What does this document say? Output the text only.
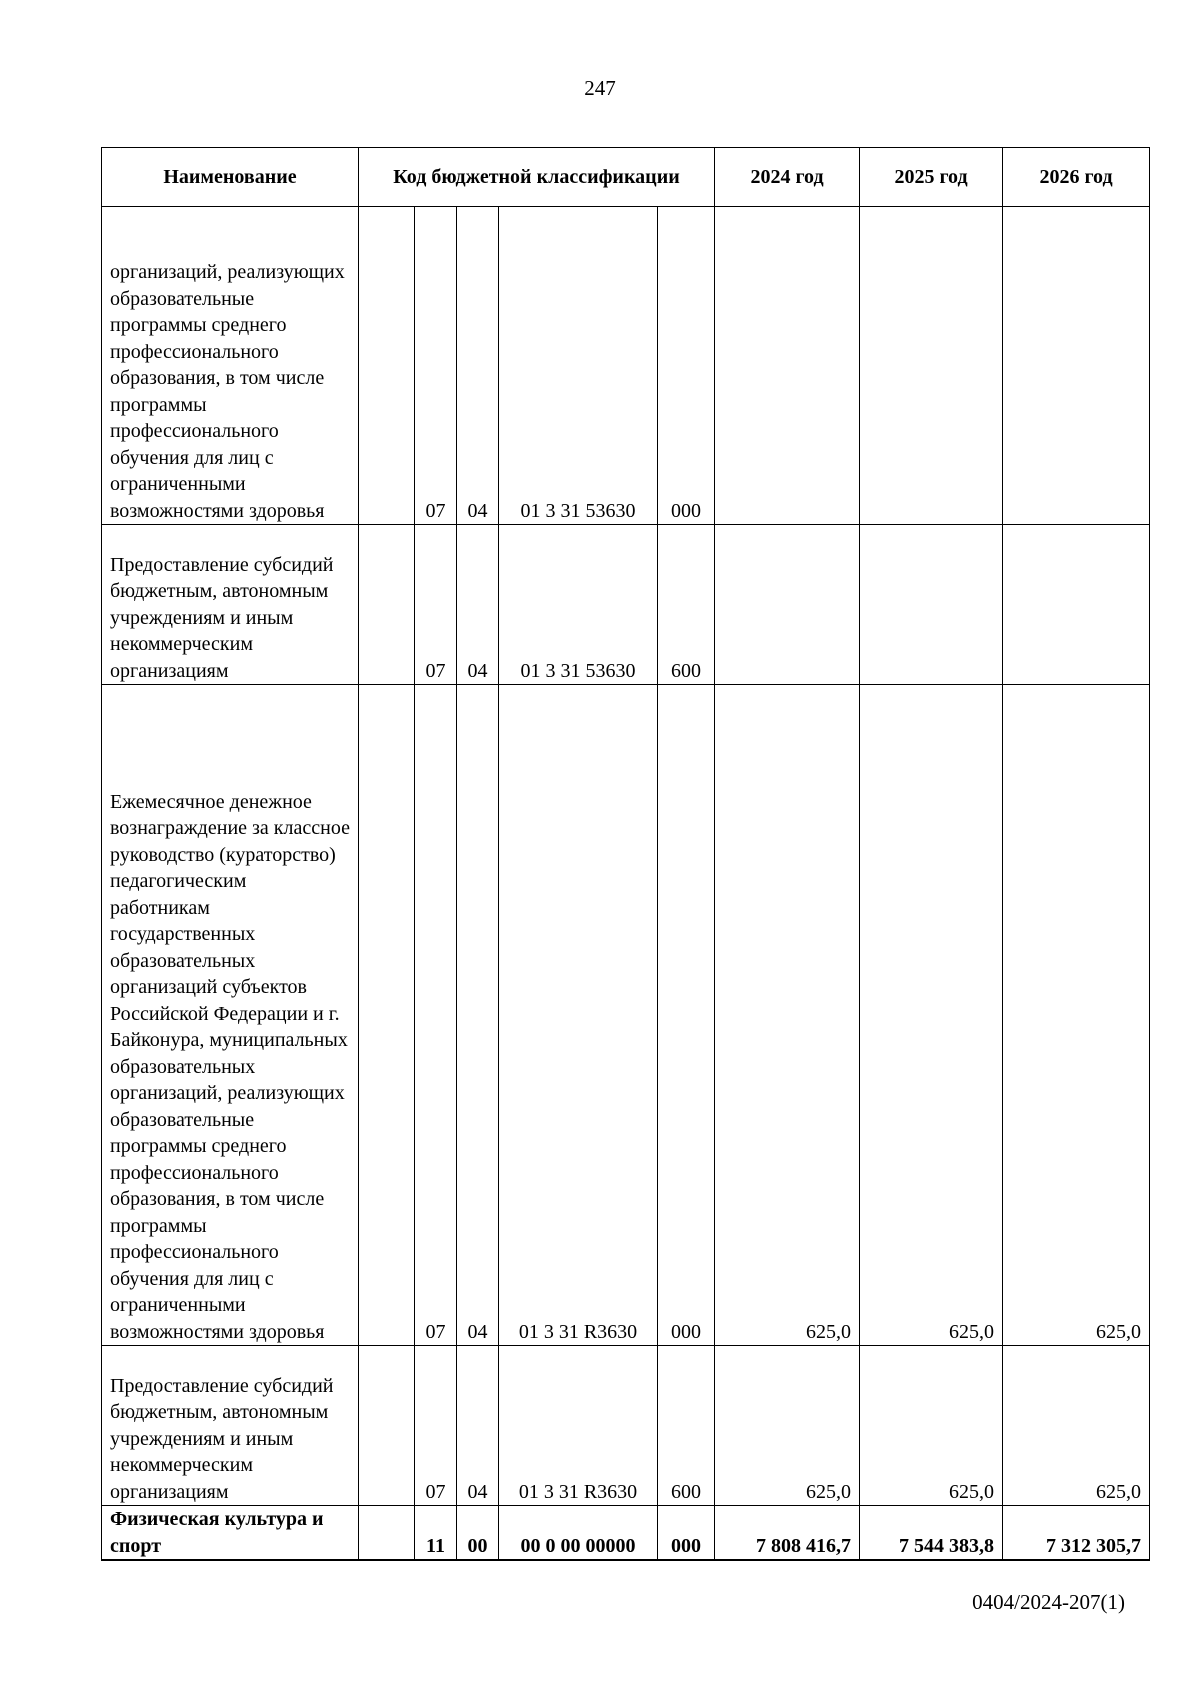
247
Наименование	Код бюджетной классификации					2024 год	2025 год	2026 год
организаций, реализующих образовательные программы среднего профессионального образования, в том числе программы профессионального обучения для лиц с ограниченными возможностями здоровья		07	04	01 3 31 53630	000			
Предоставление субсидий бюджетным, автономным учреждениям и иным некоммерческим организациям		07	04	01 3 31 53630	600			
Ежемесячное денежное вознаграждение за классное руководство (кураторство) педагогическим работникам государственных образовательных организаций субъектов Российской Федерации и г. Байконура, муниципальных образовательных организаций, реализующих образовательные программы среднего профессионального образования, в том числе программы профессионального обучения для лиц с ограниченными возможностями здоровья		07	04	01 3 31 R3630	000	625,0	625,0	625,0
Предоставление субсидий бюджетным, автономным учреждениям и иным некоммерческим организациям		07	04	01 3 31 R3630	600	625,0	625,0	625,0
Физическая культура и спорт		11	00	00 0 00 00000	000	7 808 416,7	7 544 383,8	7 312 305,7
0404/2024-207(1)
